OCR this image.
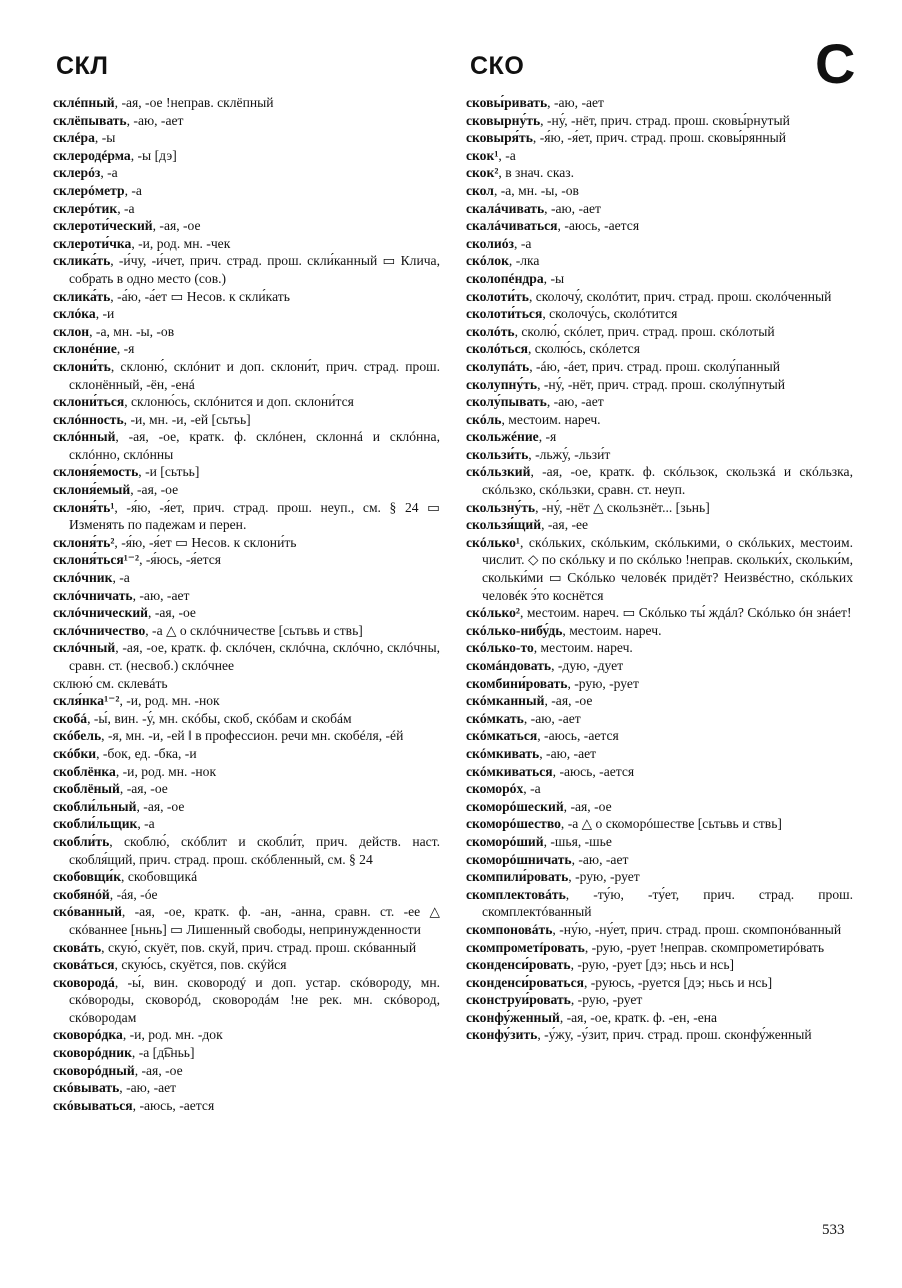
СКЛ	СКО	С

склéпный, -ая, -ое !неправ. склёпный

склёпывать, -аю, -ает

склéра, -ы

склеродéрма, -ы [дэ]

склерóз, -а

склерóметр, -а

склерóтик, -а

склероти́ческий, -ая, -ое

склероти́чка, -и, род. мн. -чек

склика́ть, -и́чу, -и́чет, прич. страд. прош. скли́канный ▭ Клича, собрать в одно место (сов.)

склика́ть, -а́ю, -а́ет ▭ Несов. к скли́кать

склóка, -и

склон, -а, мн. -ы, -ов

склонéние, -я

склони́ть, склоню́, склóнит и доп. склони́т, прич. страд. прош. склонённый, -ён, -енá

склони́ться, склоню́сь, склóнится и доп. склони́тся

склóнность, -и, мн. -и, -ей [сьтьь]

склóнный, -ая, -ое, кратк. ф. склóнен, склоннá и склóнна, склóнно, склóнны

склоня́емость, -и [сьтьь]

склоня́емый, -ая, -ое

склоня́ть¹, -я́ю, -я́ет, прич. страд. прош. неуп., см. § 24 ▭ Изменять по падежам и перен.

склоня́ть², -я́ю, -я́ет ▭ Несов. к склони́ть

склоня́ться¹⁻², -я́юсь, -я́ется

склóчник, -а

склóчничать, -аю, -ает

склóчнический, -ая, -ое

склóчничество, -а △ о склóчничестве [сьтьвь и ствь]

склóчный, -ая, -ое, кратк. ф. склóчен, склóчна, склóчно, склóчны, сравн. ст. (несвоб.) склóчнее

склюю́ см. склевáть

скля́нка¹⁻², -и, род. мн. -нок

скобá, -ы́, вин. -у́, мн. скóбы, скоб, скóбам и скобáм

скóбель, -я, мн. -и, -ей ‖ в профессион. речи мн. скобéля, -éй

скóбки, -бок, ед. -бка, -и

скоблёнка, -и, род. мн. -нок

скоблёный, -ая, -ое

скобли́льный, -ая, -ое

скобли́льщик, -а

скобли́ть, скоблю́, скóблит и скобли́т, прич. действ. наст. скобля́щий, прич. страд. прош. скóбленный, см. § 24

скобовщи́к, скобовщикá

скобянóй, -áя, -óе

скóванный, -ая, -ое, кратк. ф. -ан, -анна, сравн. ст. -ее △ скóваннее [ньнь] ▭ Лишенный свободы, непринужденности

сковáть, скую́, скуёт, пов. скуй, прич. страд. прош. скóванный

сковáться, скую́сь, скуётся, пов. скýйся

сковородá, -ы́, вин. сковородý и доп. устар. скóвороду, мн. скóвороды, сковорóд, сковородáм !не рек. мн. скóвород, скóвородам

сковорóдка, -и, род. мн. -док

сковорóдник, -а [д͡ьньь]

сковорóдный, -ая, -ое

скóвывать, -аю, -ает

скóвываться, -аюсь, -ается

сковы́ривать, -аю, -ает

сковырну́ть, -ну́, -нёт, прич. страд. прош. сковы́рнутый

сковыря́ть, -я́ю, -я́ет, прич. страд. прош. сковы́рянный

скок¹, -а

скок², в знач. сказ.

скол, -а, мн. -ы, -ов

скалáчивать, -аю, -ает

скалáчиваться, -аюсь, -ается

сколиóз, -а

скóлок, -лка

сколопéндра, -ы

сколоти́ть, сколочу́, сколóтит, прич. страд. прош. сколóченный

сколоти́ться, сколочу́сь, сколóтится

сколóть, сколю́, скóлет, прич. страд. прош. скóлотый

сколóться, сколю́сь, скóлется

сколупáть, -áю, -áет, прич. страд. прош. сколу́панный

сколупну́ть, -ну́, -нёт, прич. страд. прош. сколу́пнутый

сколу́пывать, -аю, -ает

скóль, местоим. нареч.

скольжéние, -я

скользи́ть, -льжу́, -льзи́т

скóльзкий, -ая, -ое, кратк. ф. скóльзок, скользкá и скóльзка, скóльзко, скóльзки, сравн. ст. неуп.

скользну́ть, -ну́, -нёт △ скользнёт... [зьнь]

скользя́щий, -ая, -ее

скóлько¹, скóльких, скóльким, скóлькими, о скóльких, местоим. числит. ◇ по скóльку и по скóлько !неправ. скольки́х, скольки́м, скольки́ми ▭ Скóлько человéк придёт? Неизвéстно, скóльких человéк э́то коснётся

скóлько², местоим. нареч. ▭ Скóлько ты́ ждáл? Скóлько óн знáет!

скóлько-нибу́дь, местоим. нареч.

скóлько-то, местоим. нареч.

скомáндовать, -дую, -дует

скомбини́ровать, -рую, -рует

скóмканный, -ая, -ое

скóмкать, -аю, -ает

скóмкаться, -аюсь, -ается

скóмкивать, -аю, -ает

скóмкиваться, -аюсь, -ается

скоморóх, -а

скоморóшеский, -ая, -ое

скоморóшество, -а △ о скоморóшестве [сьтьвь и ствь]

скоморóший, -шья, -шье

скоморóшничать, -аю, -ает

скомпили́ровать, -рую, -рует

скомплектовáть, -ту́ю, -ту́ет, прич. страд. прош. скомплектóванный

скомпоновáть, -ну́ю, -ну́ет, прич. страд. прош. скомпонóванный

скомпрометíровать, -рую, -рует !неправ. скомпрометирóвать

сконденси́ровать, -рую, -рует [дэ; ньсь и нсь]

сконденси́роваться, -руюсь, -руется [дэ; ньсь и нсь]

сконструи́ровать, -рую, -рует

сконфу́женный, -ая, -ое, кратк. ф. -ен, -ена

сконфу́зить, -у́жу, -у́зит, прич. страд. прош. сконфу́женный

533
